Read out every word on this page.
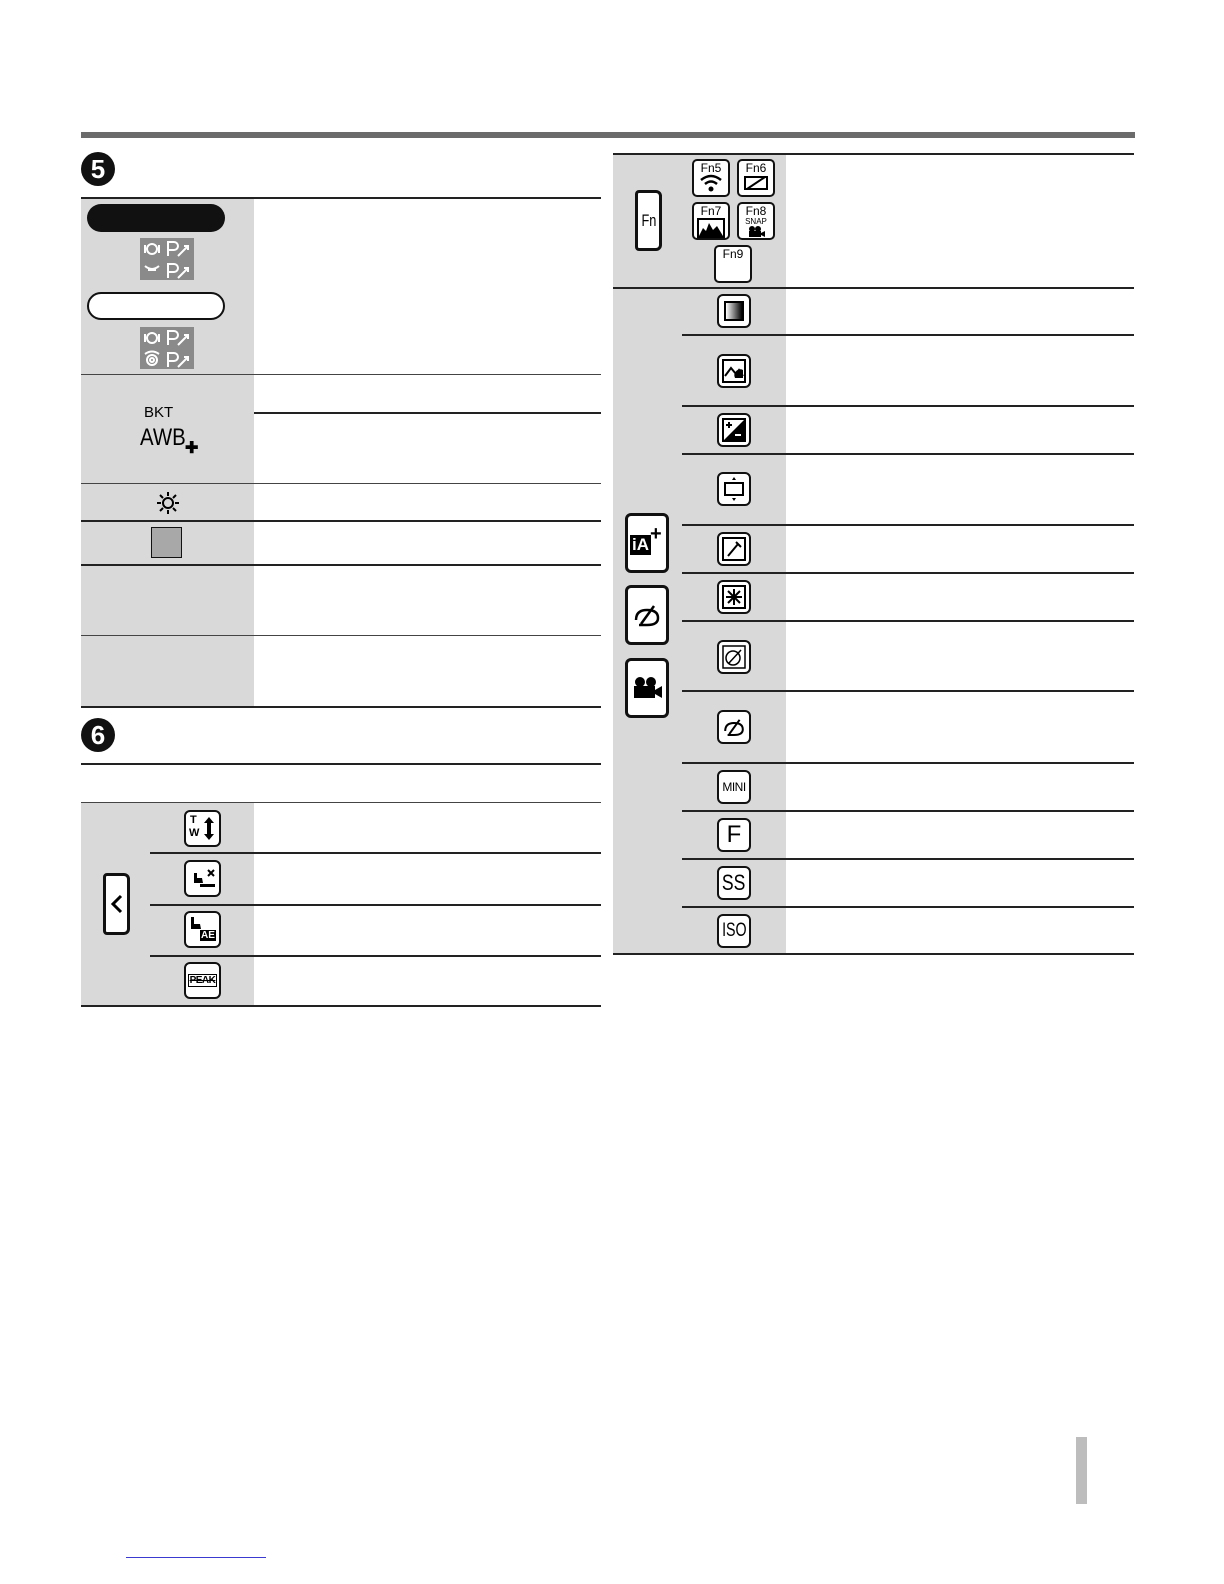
5
BKT
AWB ✚
6
T
W
AE
PEAK
Fn
Fn5	Fn6
Fn7	Fn8
SNAP
Fn9
iA +
MINI
F
SS
ISO
